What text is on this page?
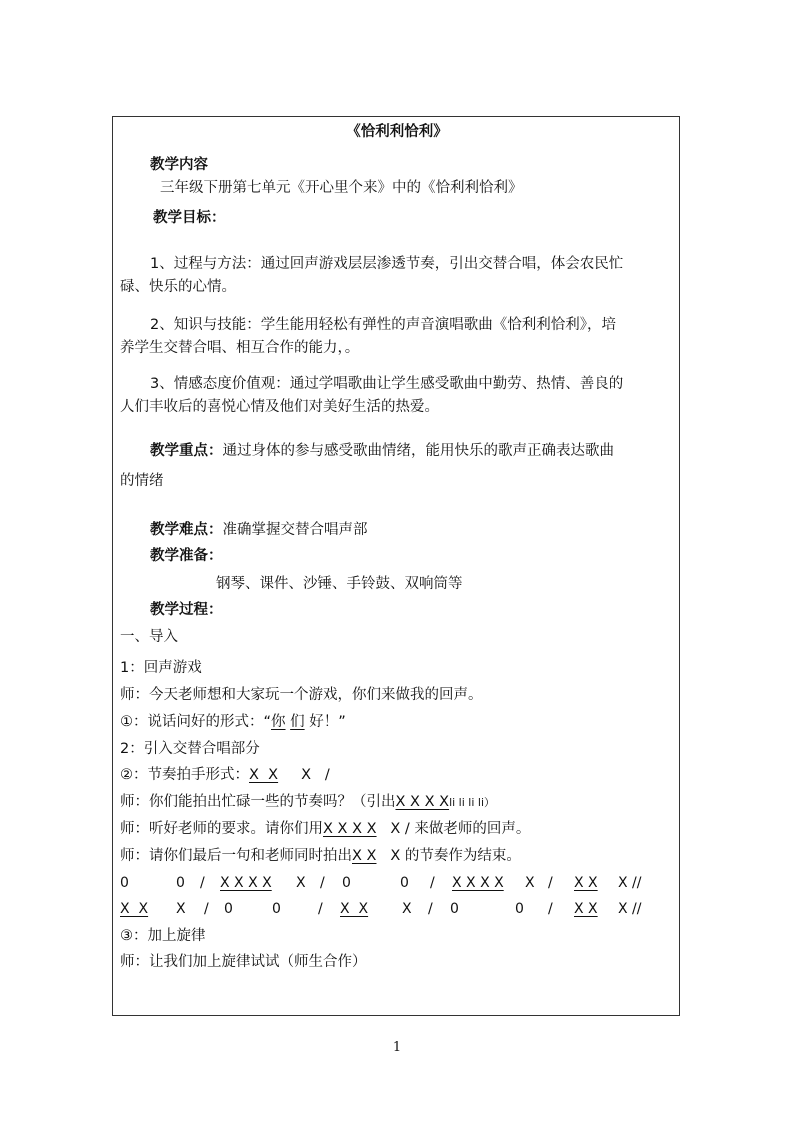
《恰利利恰利》
教学内容
三年级下册第七单元《开心里个来》中的《恰利利恰利》
教学目标：
1、过程与方法：通过回声游戏层层渗透节奏，引出交替合唱，体会农民忙
碌、快乐的心情。
2、知识与技能：学生能用轻松有弹性的声音演唱歌曲《恰利利恰利》，培
养学生交替合唱、相互合作的能力，。
3、情感态度价值观：通过学唱歌曲让学生感受歌曲中勤劳、热情、善良的
人们丰收后的喜悦心情及他们对美好生活的热爱。
教学重点：通过身体的参与感受歌曲情绪，能用快乐的歌声正确表达歌曲
的情绪
教学难点：准确掌握交替合唱声部
教学准备：
钢琴、课件、沙锤、手铃鼓、双响筒等
教学过程：
一、导入
1：回声游戏
师：今天老师想和大家玩一个游戏，你们来做我的回声。
①：说话问好的形式：“你 们 好！”
2：引入交替合唱部分
②：节奏拍手形式：X  X X   /
师：你们能拍出忙碌一些的节奏吗？（引出X X X Xli li li li）
师：听好老师的要求。请你们用X X X X X / 来做老师的回声。
师：请你们最后一句和老师同时拍出X X X 的节奏作为结束。
0	0 / X X X X X / 0	0 / X X X X X / X X X //
X  X X / 0	0	/ X  X X / 0	0 / X X X //
③：加上旋律
师：让我们加上旋律试试（师生合作）
1
